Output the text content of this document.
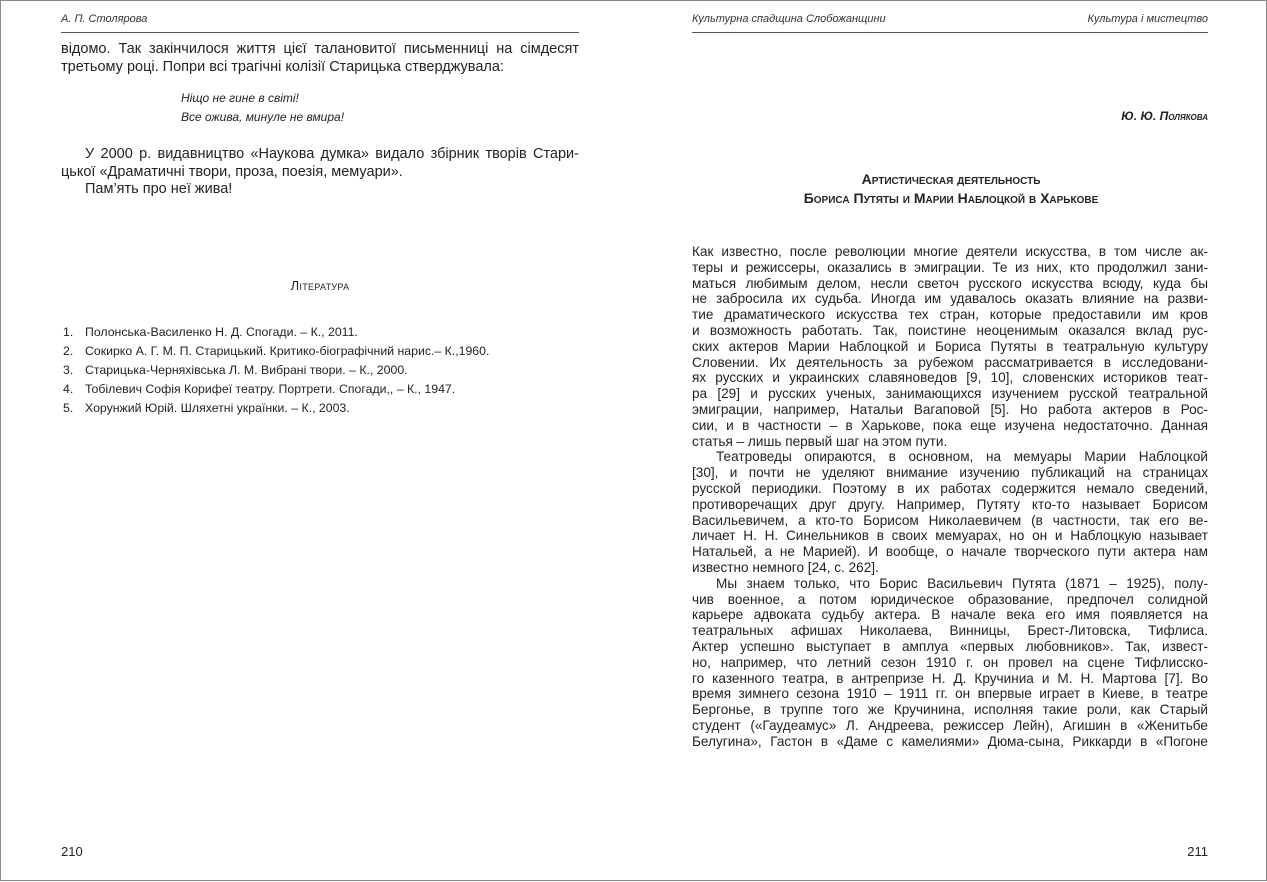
А. П. Столярова
відомо. Так закінчилося життя цієї талановитої письменниці на сімдесят
третьому році. Попри всі трагічні колізії Старицька стверджувала:
Ніщо не гине в світі!
Все ожива, минуле не вмира!
У 2000 р. видавництво «Наукова думка» видало збірник творів Стари-
цької «Драматичні твори, проза, поезія, мемуари».
Пам’ять про неї жива!
Література
1. Полонська-Василенко Н. Д. Спогади. – К., 2011.
2. Сокирко А. Г. М. П. Старицький. Критико-біографічний нарис.– К.,1960.
3. Старицька-Черняхівська Л. М. Вибрані твори. – К., 2000.
4. Тобілевич Софія Корифеї театру. Портрети. Спогади,, – К., 1947.
5. Хорунжий Юрій. Шляхетні українки. – К., 2003.
210
Культурна спадщина Слобожанщини	Культура і мистецтво
Ю. Ю. Полякова
Артистическая деятельность
Бориса Путяты и Марии Наблоцкой в Харькове
Как известно, после революции многие деятели искусства, в том числе ак-
теры и режиссеры, оказались в эмиграции. Те из них, кто продолжил зани-
маться любимым делом, несли светоч русского искусства всюду, куда бы
не забросила их судьба. Иногда им удавалось оказать влияние на разви-
тие драматического искусства тех стран, которые предоставили им кров
и возможность работать. Так, поистине неоценимым оказался вклад рус-
ских актеров Марии Наблоцкой и Бориса Путяты в театральную культуру
Словении. Их деятельность за рубежом рассматривается в исследовани-
ях русских и украинских славяноведов [9, 10], словенских историков теат-
ра [29] и русских ученых, занимающихся изучением русской театральной
эмиграции, например, Натальи Вагаповой [5]. Но работа актеров в Рос-
сии, и в частности – в Харькове, пока еще изучена недостаточно. Данная
статья – лишь первый шаг на этом пути.
Театроведы опираются, в основном, на мемуары Марии Наблоцкой
[30], и почти не уделяют внимание изучению публикаций на страницах
русской периодики. Поэтому в их работах содержится немало сведений,
противоречащих друг другу. Например, Путяту кто-то называет Борисом
Васильевичем, а кто-то Борисом Николаевичем (в частности, так его ве-
личает Н. Н. Синельников в своих мемуарах, но он и Наблоцкую называет
Натальей, а не Марией). И вообще, о начале творческого пути актера нам
известно немного [24, с. 262].
Мы знаем только, что Борис Васильевич Путята (1871 – 1925), полу-
чив военное, а потом юридическое образование, предпочел солидной
карьере адвоката судьбу актера. В начале века его имя появляется на
театральных афишах Николаева, Винницы, Брест-Литовска, Тифлиса.
Актер успешно выступает в амплуа «первых любовников». Так, извест-
но, например, что летний сезон 1910 г. он провел на сцене Тифлисско-
го казенного театра, в антрепризе Н. Д. Кручиниа и М. Н. Мартова [7]. Во
время зимнего сезона 1910 – 1911 гг. он впервые играет в Киеве, в театре
Бергонье, в труппе того же Кручинина, исполняя такие роли, как Старый
студент («Гаудеамус» Л. Андреева, режиссер Лейн), Агишин в «Женитьбе
Белугина», Гастон в «Даме с камелиями» Дюма-сына, Риккарди в «Погоне
211
